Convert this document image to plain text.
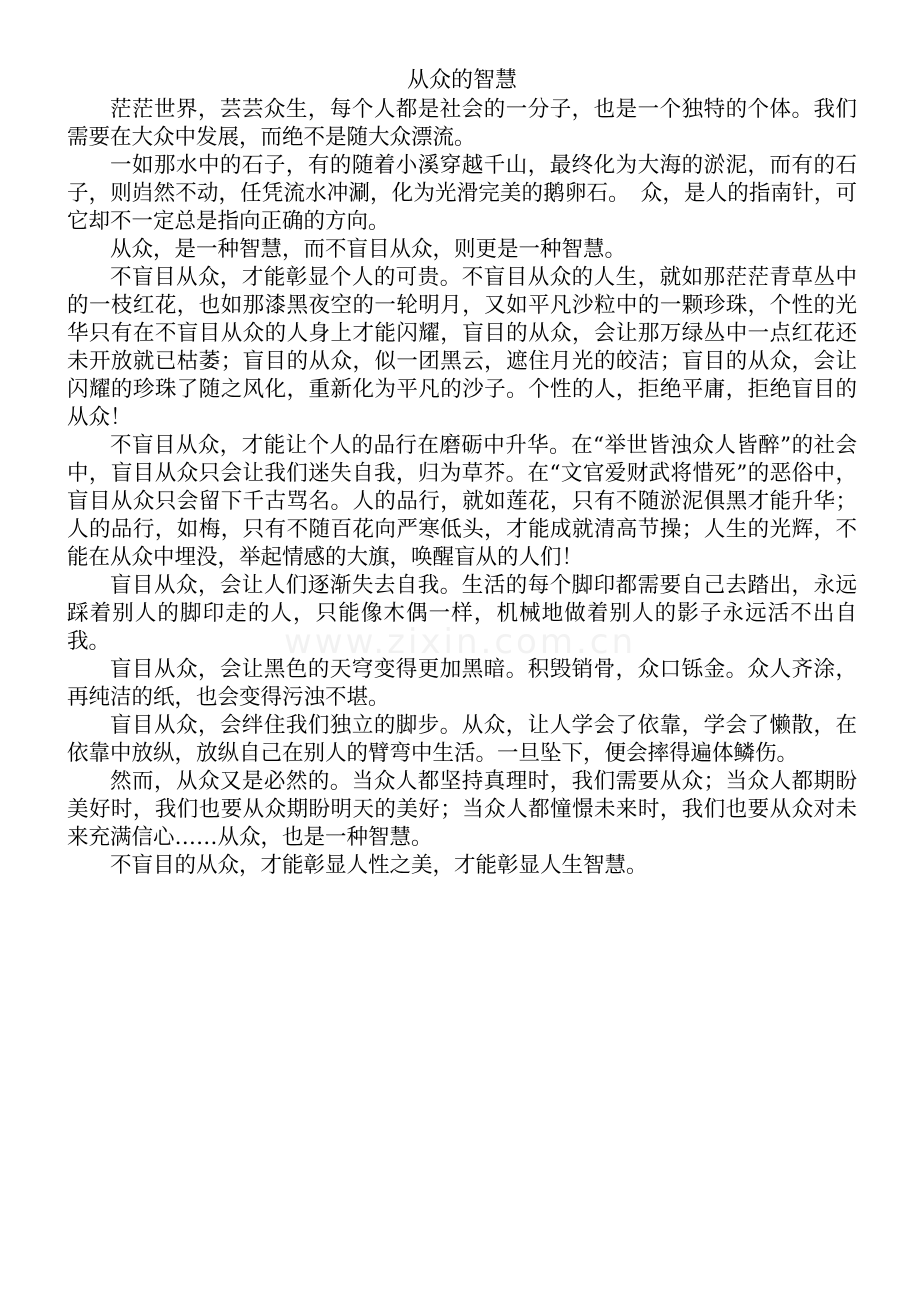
从众的智慧

茫茫世界，芸芸众生，每个人都是社会的一分子，也是一个独特的个体。我们需要在大众中发展，而绝不是随大众漂流。

一如那水中的石子，有的随着小溪穿越千山，最终化为大海的淤泥，而有的石子，则岿然不动，任凭流水冲涮，化为光滑完美的鹅卵石。　众，是人的指南针，可它却不一定总是指向正确的方向。

从众，是一种智慧，而不盲目从众，则更是一种智慧。

不盲目从众，才能彰显个人的可贵。不盲目从众的人生，就如那茫茫青草丛中的一枝红花，也如那漆黑夜空的一轮明月，又如平凡沙粒中的一颗珍珠，个性的光华只有在不盲目从众的人身上才能闪耀，盲目的从众，会让那万绿丛中一点红花还未开放就已枯萎；盲目的从众，似一团黑云，遮住月光的皎洁；盲目的从众，会让闪耀的珍珠了随之风化，重新化为平凡的沙子。个性的人，拒绝平庸，拒绝盲目的从众！

不盲目从众，才能让个人的品行在磨砺中升华。在“举世皆浊众人皆醉”的社会中，盲目从众只会让我们迷失自我，归为草芥。在“文官爱财武将惜死”的恶俗中，盲目从众只会留下千古骂名。人的品行，就如莲花，只有不随淤泥俱黑才能升华；人的品行，如梅，只有不随百花向严寒低头，才能成就清高节操；人生的光辉，不能在从众中埋没，举起情感的大旗，唤醒盲从的人们！

盲目从众，会让人们逐渐失去自我。生活的每个脚印都需要自己去踏出，永远踩着别人的脚印走的人，只能像木偶一样，机械地做着别人的影子永远活不出自我。

盲目从众，会让黑色的天穹变得更加黑暗。积毁销骨，众口铄金。众人齐涂，再纯洁的纸，也会变得污浊不堪。

盲目从众，会绊住我们独立的脚步。从众，让人学会了依靠，学会了懒散，在依靠中放纵，放纵自己在别人的臂弯中生活。一旦坠下，便会摔得遍体鳞伤。

然而，从众又是必然的。当众人都坚持真理时，我们需要从众；当众人都期盼美好时，我们也要从众期盼明天的美好；当众人都憧憬未来时，我们也要从众对未来充满信心……从众，也是一种智慧。

不盲目的从众，才能彰显人性之美，才能彰显人生智慧。

www.zixin.com.cn
